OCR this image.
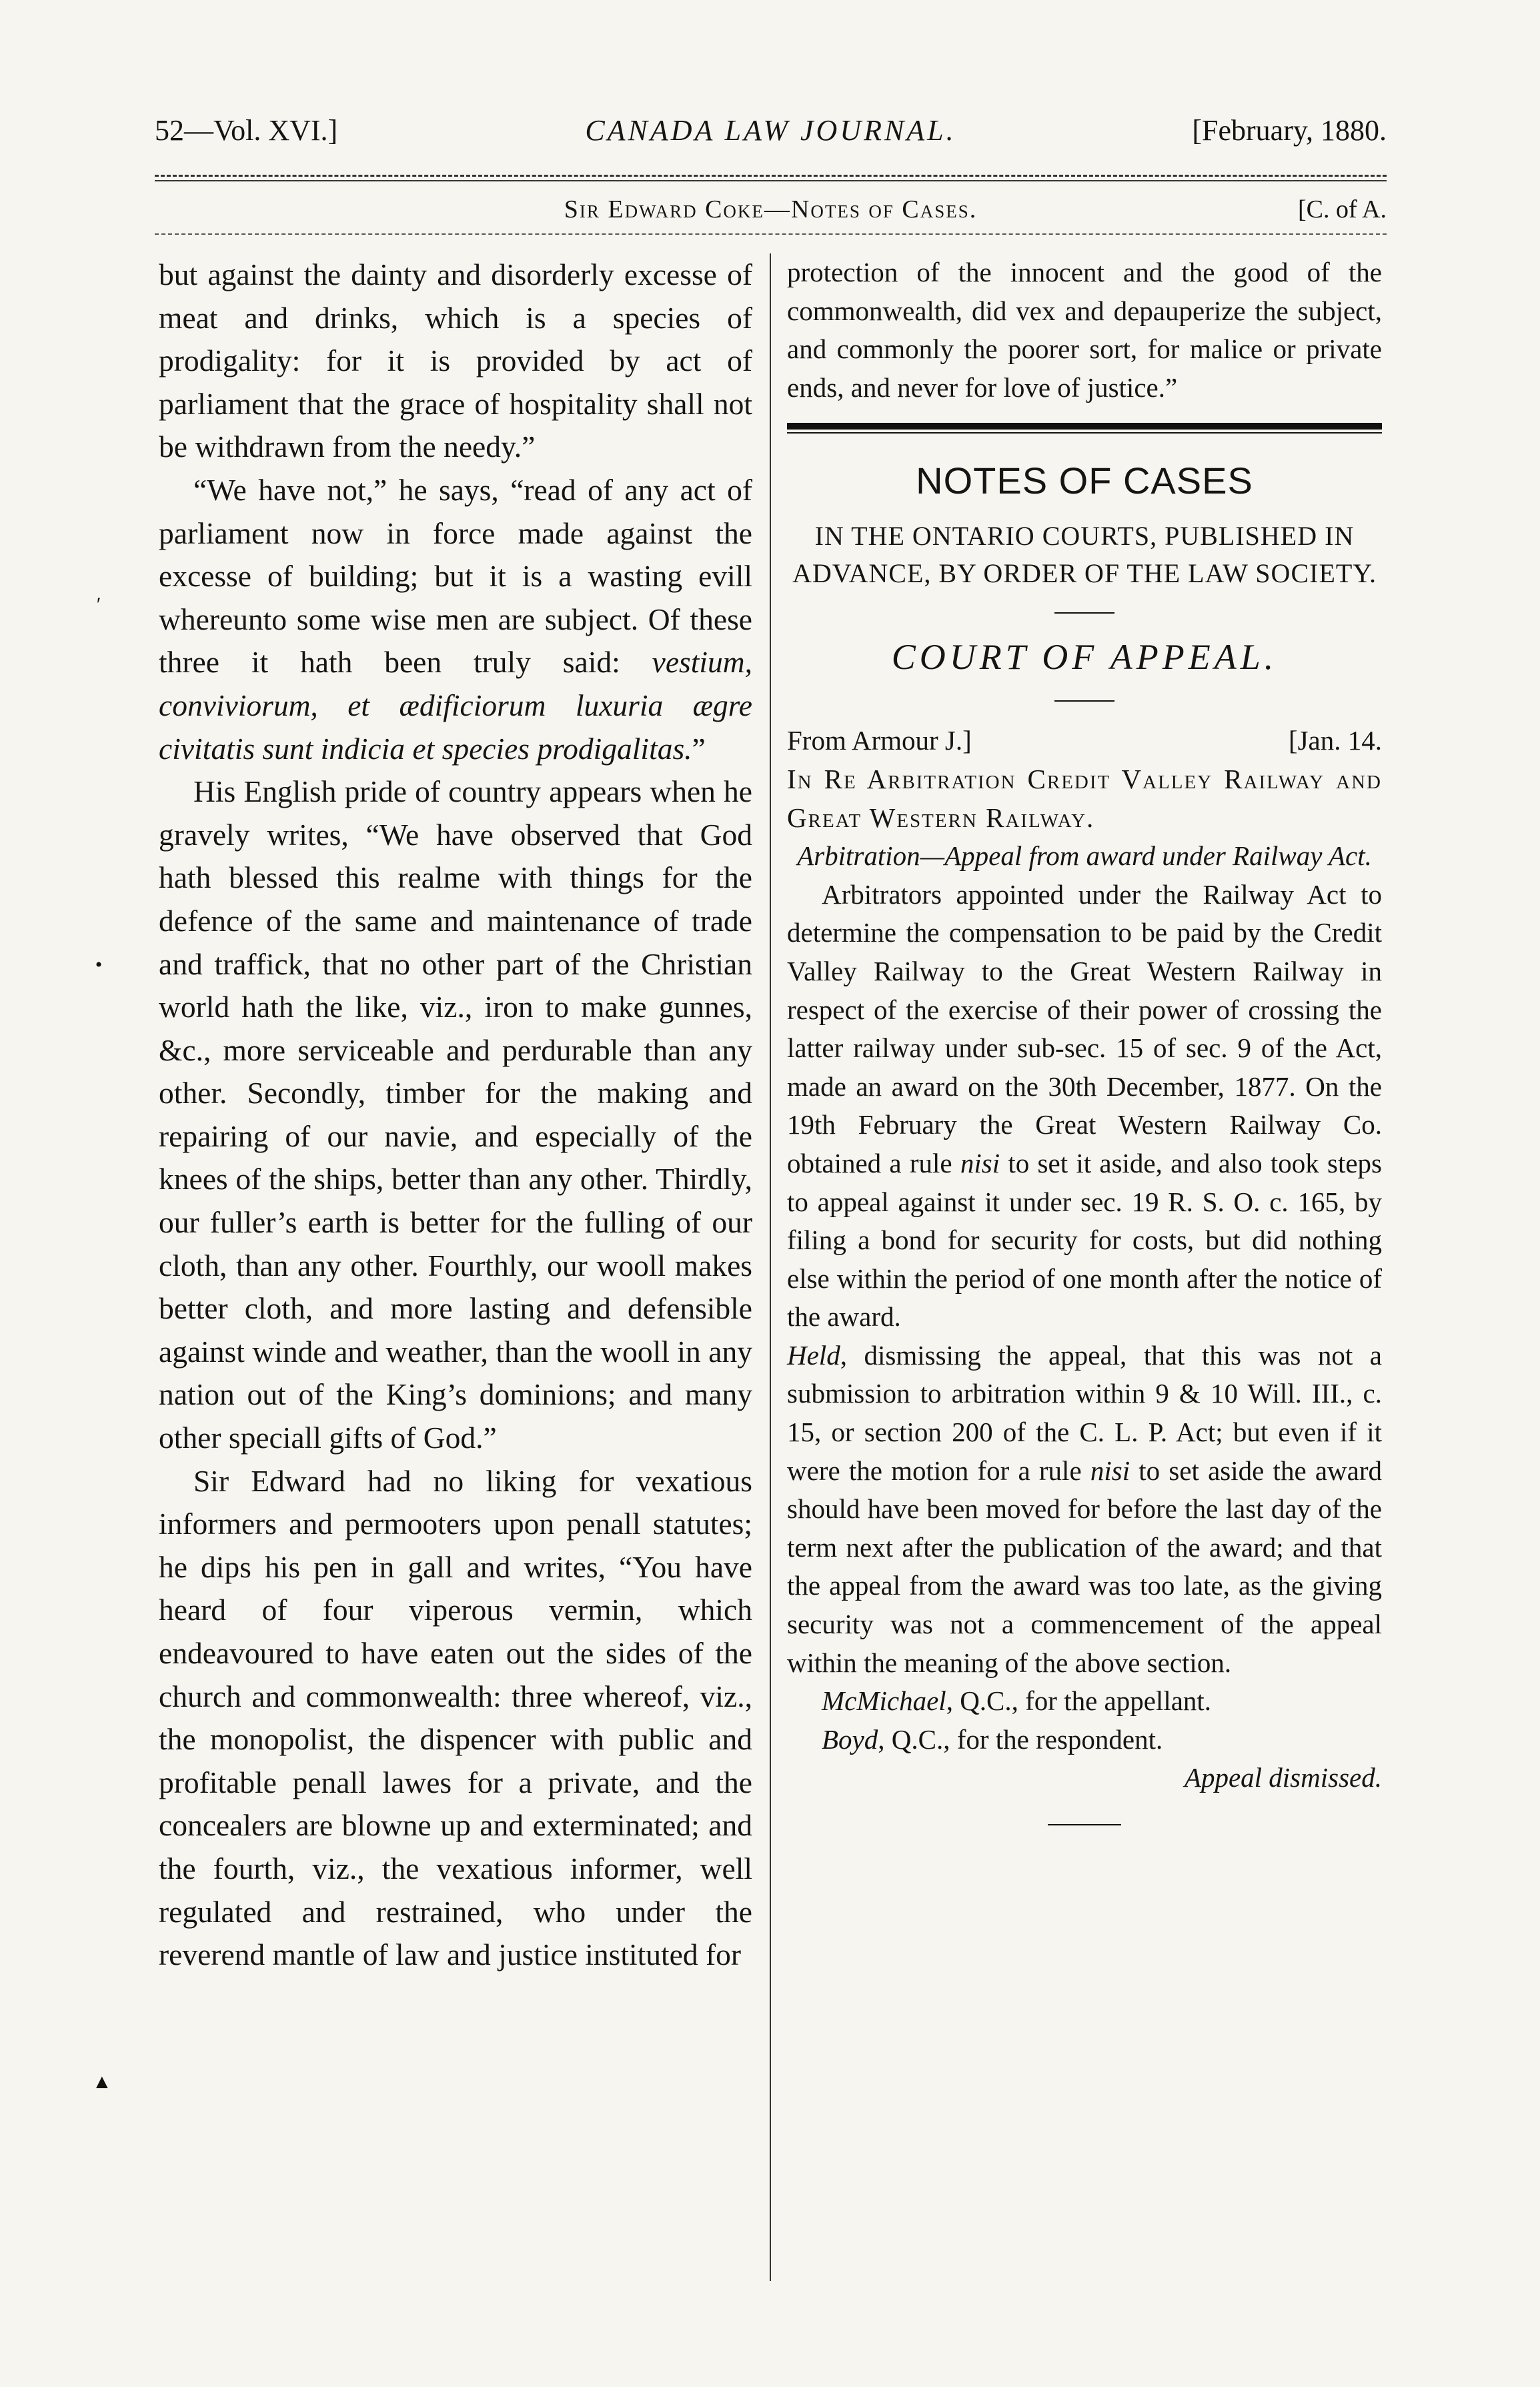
52—Vol. XVI.]	CANADA LAW JOURNAL.	[February, 1880.
Sir Edward Coke—Notes of Cases.	[C. of A.
ʹ
•
▲

but against the dainty and disorderly excesse of meat and drinks, which is a species of prodigality: for it is provided by act of parliament that the grace of hospitality shall not be withdrawn from the needy.”

“We have not,” he says, “read of any act of parliament now in force made against the excesse of building; but it is a wasting evill whereunto some wise men are subject. Of these three it hath been truly said: vestium, conviviorum, et ædificiorum luxuria ægre civitatis sunt indicia et species prodigalitas.”

His English pride of country appears when he gravely writes, “We have observed that God hath blessed this realme with things for the defence of the same and maintenance of trade and traffick, that no other part of the Christian world hath the like, viz., iron to make gunnes, &c., more serviceable and perdurable than any other. Secondly, timber for the making and repairing of our navie, and especially of the knees of the ships, better than any other. Thirdly, our fuller’s earth is better for the fulling of our cloth, than any other. Fourthly, our wooll makes better cloth, and more lasting and defensible against winde and weather, than the wooll in any nation out of the King’s dominions; and many other speciall gifts of God.”

Sir Edward had no liking for vexatious informers and permooters upon penall statutes; he dips his pen in gall and writes, “You have heard of four viperous vermin, which endeavoured to have eaten out the sides of the church and commonwealth: three whereof, viz., the monopolist, the dispencer with public and profitable penall lawes for a private, and the concealers are blowne up and exterminated; and the fourth, viz., the vexatious informer, well regulated and restrained, who under the reverend mantle of law and justice instituted for

protection of the innocent and the good of the commonwealth, did vex and depauperize the subject, and commonly the poorer sort, for malice or private ends, and never for love of justice.”

NOTES OF CASES
IN THE ONTARIO COURTS, PUBLISHED IN ADVANCE, BY ORDER OF THE LAW SOCIETY.
COURT OF APPEAL.
From Armour J.]	[Jan. 14.

In Re Arbitration Credit Valley Railway and Great Western Railway.

Arbitration—Appeal from award under Railway Act.

Arbitrators appointed under the Railway Act to determine the compensation to be paid by the Credit Valley Railway to the Great Western Railway in respect of the exercise of their power of crossing the latter railway under sub-sec. 15 of sec. 9 of the Act, made an award on the 30th December, 1877. On the 19th February the Great Western Railway Co. obtained a rule nisi to set it aside, and also took steps to appeal against it under sec. 19 R. S. O. c. 165, by filing a bond for security for costs, but did nothing else within the period of one month after the notice of the award.
Held, dismissing the appeal, that this was not a submission to arbitration within 9 & 10 Will. III., c. 15, or section 200 of the C. L. P. Act; but even if it were the motion for a rule nisi to set aside the award should have been moved for before the last day of the term next after the publication of the award; and that the appeal from the award was too late, as the giving security was not a commencement of the appeal within the meaning of the above section.

McMichael, Q.C., for the appellant.

Boyd, Q.C., for the respondent.

Appeal dismissed.
